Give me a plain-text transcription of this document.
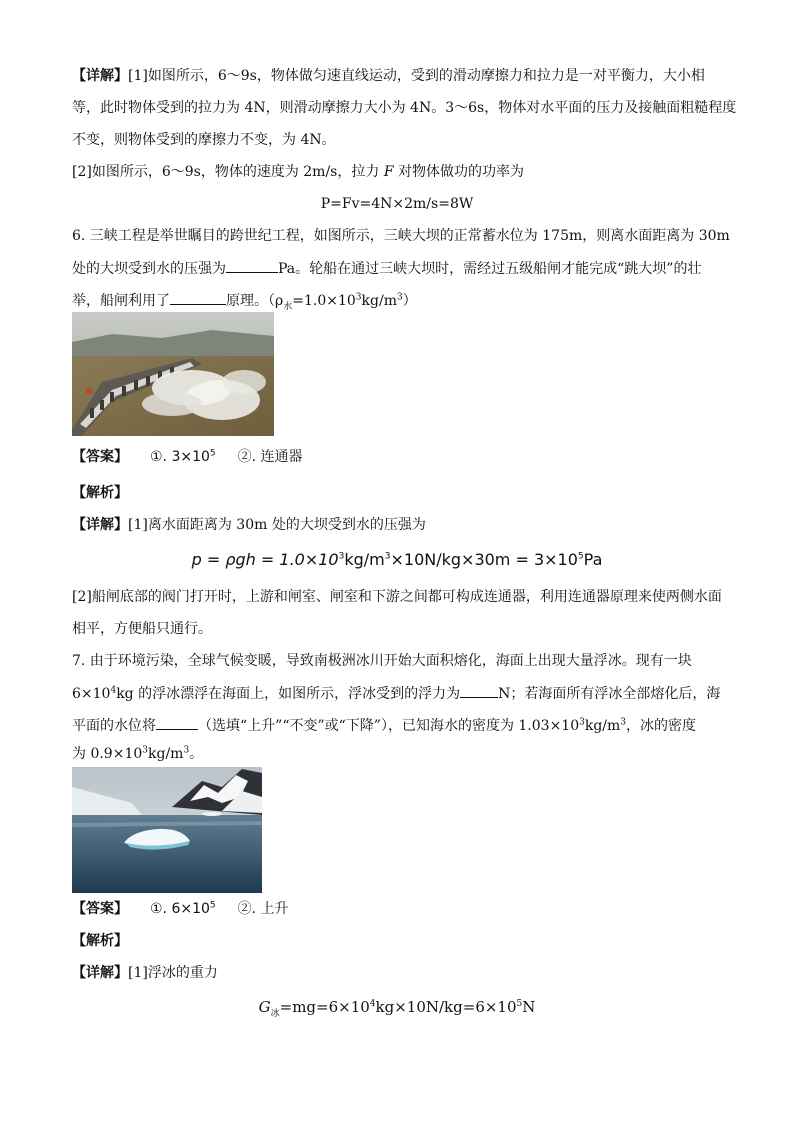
【详解】[1]如图所示，6～9s，物体做匀速直线运动，受到的滑动摩擦力和拉力是一对平衡力，大小相
等，此时物体受到的拉力为 4N，则滑动摩擦力大小为 4N。3～6s，物体对水平面的压力及接触面粗糙程度
不变，则物体受到的摩擦力不变，为 4N。
[2]如图所示，6～9s，物体的速度为 2m/s，拉力 F 对物体做功的功率为
P=Fv=4N×2m/s=8W
6. 三峡工程是举世瞩目的跨世纪工程，如图所示，三峡大坝的正常蓄水位为 175m，则离水面距离为 30m
处的大坝受到水的压强为	Pa。轮船在通过三峡大坝时，需经过五级船闸才能完成“跳大坝”的壮
举，船闸利用了	原理。$(\rho_水=1.0\times 10^3kg/m^3)$
【答案】 ①. $3\times 10^5$ ②. 连通器
【解析】
【详解】[1]离水面距离为 30m 处的大坝受到水的压强为
$p = \rho gh = 1.0\times 10^3kg/m^3\times 10N/kg\times 30m = 3\times 10^5Pa$
[2]船闸底部的阀门打开时，上游和闸室、闸室和下游之间都可构成连通器，利用连通器原理来使两侧水面
相平，方便船只通行。
7. 由于环境污染，全球气候变暖，导致南极洲冰川开始大面积熔化，海面上出现大量浮冰。现有一块
$6\times 10^4kg$ 的浮冰漂浮在海面上，如图所示，浮冰受到的浮力为	N；若海面所有浮冰全部熔化后，海
平面的水位将	（选填“上升”“不变”或“下降”），已知海水的密度为 $1.03\times 10^3kg/m^3$，冰的密度
为 $0.9\times 10^3kg/m^3$。
【答案】 ①. $6\times 10^5$ ②. 上升
【解析】
【详解】[1]浮冰的重力
$G_冰=mg=6\times 10^4kg\times 10N/kg=6\times 10^5N$
